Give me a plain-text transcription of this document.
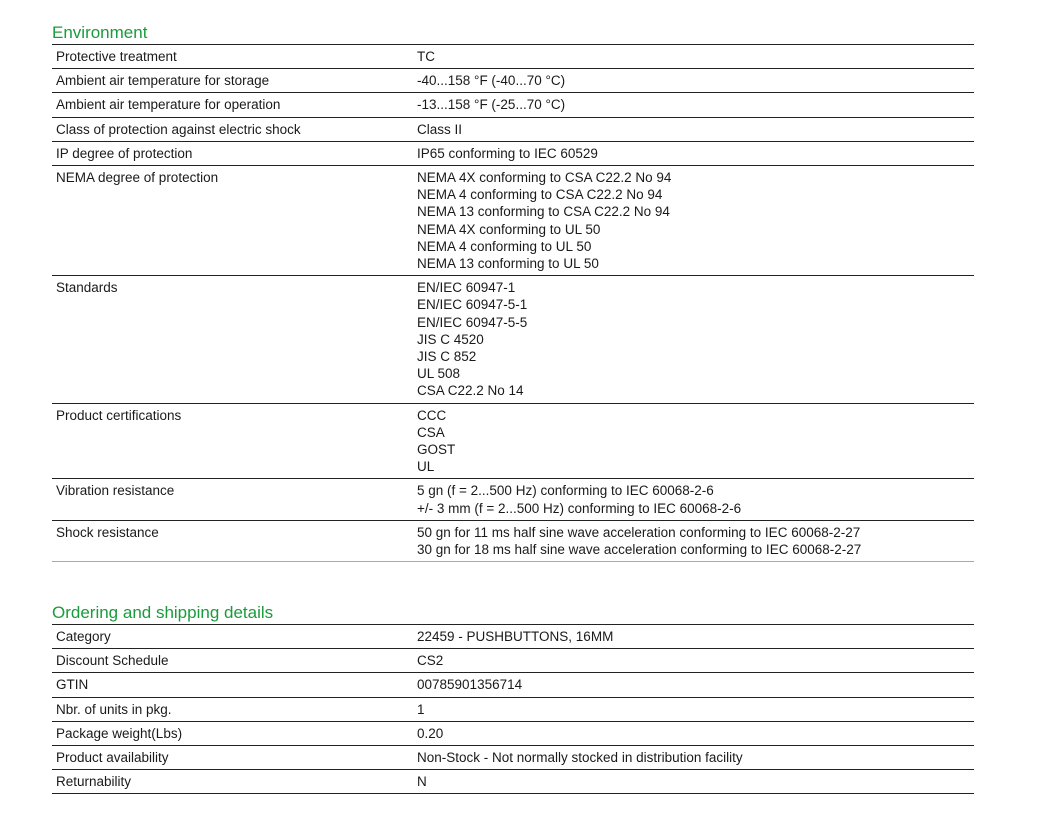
Environment
Protective treatment	TC
Ambient air temperature for storage	-40...158 °F (-40...70 °C)
Ambient air temperature for operation	-13...158 °F (-25...70 °C)
Class of protection against electric shock	Class II
IP degree of protection	IP65 conforming to IEC 60529
NEMA degree of protection	NEMA 4X conforming to CSA C22.2 No 94
NEMA 4 conforming to CSA C22.2 No 94
NEMA 13 conforming to CSA C22.2 No 94
NEMA 4X conforming to UL 50
NEMA 4 conforming to UL 50
NEMA 13 conforming to UL 50
Standards	EN/IEC 60947-1
EN/IEC 60947-5-1
EN/IEC 60947-5-5
JIS C 4520
JIS C 852
UL 508
CSA C22.2 No 14
Product certifications	CCC
CSA
GOST
UL
Vibration resistance	5 gn (f = 2...500 Hz) conforming to IEC 60068-2-6
+/- 3 mm (f = 2...500 Hz) conforming to IEC 60068-2-6
Shock resistance	50 gn for 11 ms half sine wave acceleration conforming to IEC 60068-2-27
30 gn for 18 ms half sine wave acceleration conforming to IEC 60068-2-27
Ordering and shipping details
Category	22459 - PUSHBUTTONS, 16MM
Discount Schedule	CS2
GTIN	00785901356714
Nbr. of units in pkg.	1
Package weight(Lbs)	0.20
Product availability	Non-Stock - Not normally stocked in distribution facility
Returnability	N
